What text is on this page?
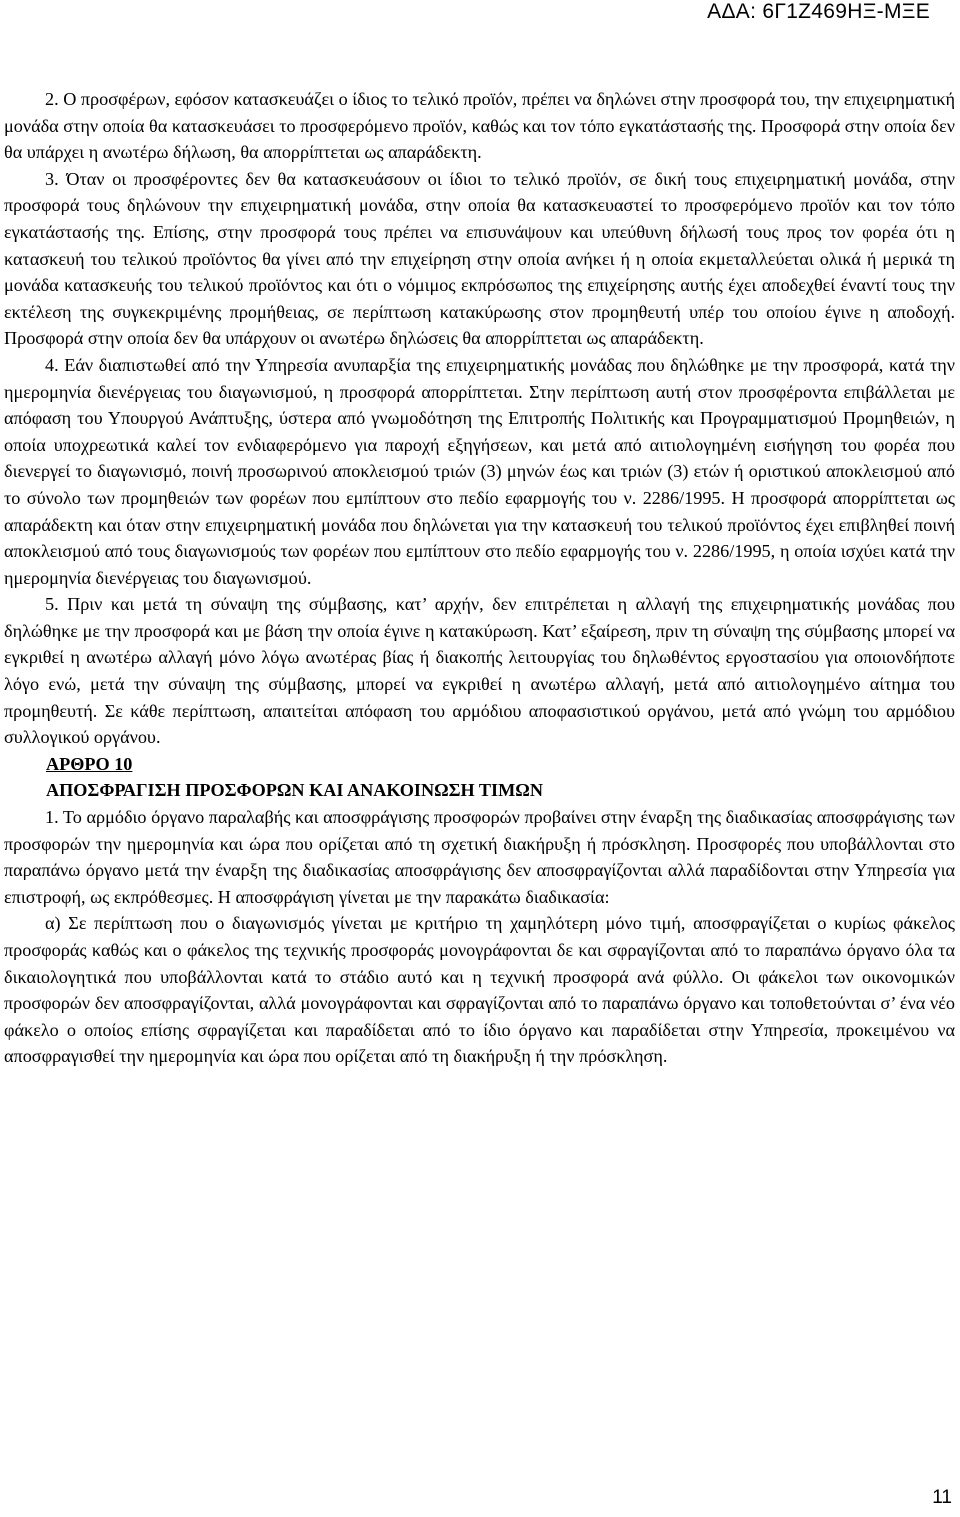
ΑΔΑ: 6Γ1Ζ469ΗΞ-ΜΞΕ

2. Ο προσφέρων, εφόσον κατασκευάζει ο ίδιος το τελικό προϊόν, πρέπει να δηλώνει στην προσφορά του, την επιχειρηματική μονάδα στην οποία θα κατασκευάσει το προσφερόμενο προϊόν, καθώς και τον τόπο εγκατάστασής της. Προσφορά στην οποία δεν θα υπάρχει η ανωτέρω δήλωση, θα απορρίπτεται ως απαράδεκτη.

3. Όταν οι προσφέροντες δεν θα κατασκευάσουν οι ίδιοι το τελικό προϊόν, σε δική τους επιχειρηματική μονάδα, στην προσφορά τους δηλώνουν την επιχειρηματική μονάδα, στην οποία θα κατασκευαστεί το προσφερόμενο προϊόν και τον τόπο εγκατάστασής της. Επίσης, στην προσφορά τους πρέπει να επισυνάψουν και υπεύθυνη δήλωσή τους προς τον φορέα ότι η κατασκευή του τελικού προϊόντος θα γίνει από την επιχείρηση στην οποία ανήκει ή η οποία εκμεταλλεύεται ολικά ή μερικά τη μονάδα κατασκευής του τελικού προϊόντος και ότι ο νόμιμος εκπρόσωπος της επιχείρησης αυτής έχει αποδεχθεί έναντί τους την εκτέλεση της συγκεκριμένης προμήθειας, σε περίπτωση κατακύρωσης στον προμηθευτή υπέρ του οποίου έγινε η αποδοχή. Προσφορά στην οποία δεν θα υπάρχουν οι ανωτέρω δηλώσεις θα απορρίπτεται ως απαράδεκτη.

4. Εάν διαπιστωθεί από την Υπηρεσία ανυπαρξία της επιχειρηματικής μονάδας που δηλώθηκε με την προσφορά, κατά την ημερομηνία διενέργειας του διαγωνισμού, η προσφορά απορρίπτεται. Στην περίπτωση αυτή στον προσφέροντα επιβάλλεται με απόφαση του Υπουργού Ανάπτυξης, ύστερα από γνωμοδότηση της Επιτροπής Πολιτικής και Προγραμματισμού Προμηθειών, η οποία υποχρεωτικά καλεί τον ενδιαφερόμενο για παροχή εξηγήσεων, και μετά από αιτιολογημένη εισήγηση του φορέα που διενεργεί το διαγωνισμό, ποινή προσωρινού αποκλεισμού τριών (3) μηνών έως και τριών (3) ετών ή οριστικού αποκλεισμού από το σύνολο των προμηθειών των φορέων που εμπίπτουν στο πεδίο εφαρμογής του ν. 2286/1995. Η προσφορά απορρίπτεται ως απαράδεκτη και όταν στην επιχειρηματική μονάδα που δηλώνεται για την κατασκευή του τελικού προϊόντος έχει επιβληθεί ποινή αποκλεισμού από τους διαγωνισμούς των φορέων που εμπίπτουν στο πεδίο εφαρμογής του ν. 2286/1995, η οποία ισχύει κατά την ημερομηνία διενέργειας του διαγωνισμού.

5. Πριν και μετά τη σύναψη της σύμβασης, κατ’ αρχήν, δεν επιτρέπεται η αλλαγή της επιχειρηματικής μονάδας που δηλώθηκε με την προσφορά και με βάση την οποία έγινε η κατακύρωση. Κατ’ εξαίρεση, πριν τη σύναψη της σύμβασης μπορεί να εγκριθεί η ανωτέρω αλλαγή μόνο λόγω ανωτέρας βίας ή διακοπής λειτουργίας του δηλωθέντος εργοστασίου για οποιονδήποτε λόγο ενώ, μετά την σύναψη της σύμβασης, μπορεί να εγκριθεί η ανωτέρω αλλαγή, μετά από αιτιολογημένο αίτημα του προμηθευτή. Σε κάθε περίπτωση, απαιτείται απόφαση του αρμόδιου αποφασιστικού οργάνου, μετά από γνώμη του αρμόδιου συλλογικού οργάνου.

ΑΡΘΡΟ 10

ΑΠΟΣΦΡΑΓΙΣΗ ΠΡΟΣΦΟΡΩΝ ΚΑΙ ΑΝΑΚΟΙΝΩΣΗ ΤΙΜΩΝ

1. Το αρμόδιο όργανο παραλαβής και αποσφράγισης προσφορών προβαίνει στην έναρξη της διαδικασίας αποσφράγισης των προσφορών την ημερομηνία και ώρα που ορίζεται από τη σχετική διακήρυξη ή πρόσκληση. Προσφορές που υποβάλλονται στο παραπάνω όργανο μετά την έναρξη της διαδικασίας αποσφράγισης δεν αποσφραγίζονται αλλά παραδίδονται στην Υπηρεσία για επιστροφή, ως εκπρόθεσμες. Η αποσφράγιση γίνεται με την παρακάτω διαδικασία:

α) Σε περίπτωση που ο διαγωνισμός γίνεται με κριτήριο τη χαμηλότερη μόνο τιμή, αποσφραγίζεται ο κυρίως φάκελος προσφοράς καθώς και ο φάκελος της τεχνικής προσφοράς μονογράφονται δε και σφραγίζονται από το παραπάνω όργανο όλα τα δικαιολογητικά που υποβάλλονται κατά το στάδιο αυτό και η τεχνική προσφορά ανά φύλλο. Οι φάκελοι των οικονομικών προσφορών δεν αποσφραγίζονται, αλλά μονογράφονται και σφραγίζονται από το παραπάνω όργανο και τοποθετούνται σ’ ένα νέο φάκελο ο οποίος επίσης σφραγίζεται και παραδίδεται από το ίδιο όργανο και παραδίδεται στην Υπηρεσία, προκειμένου να αποσφραγισθεί την ημερομηνία και ώρα που ορίζεται από τη διακήρυξη ή την πρόσκληση.

11
